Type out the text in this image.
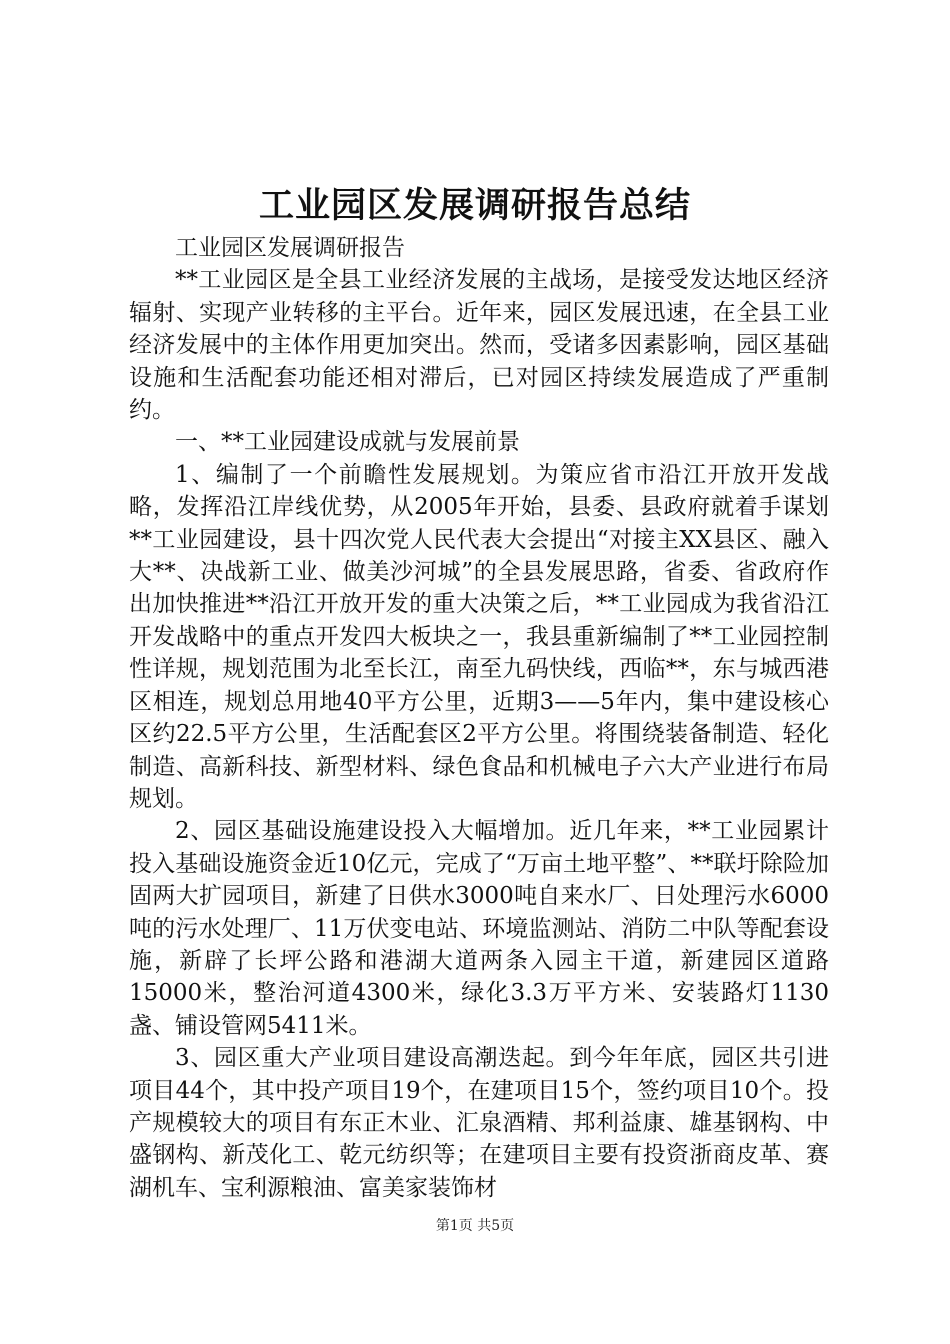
工业园区发展调研报告总结

工业园区发展调研报告

**工业园区是全县工业经济发展的主战场，是接受发达地区经济辐射、实现产业转移的主平台。近年来，园区发展迅速，在全县工业经济发展中的主体作用更加突出。然而，受诸多因素影响，园区基础设施和生活配套功能还相对滞后，已对园区持续发展造成了严重制约。

一、**工业园建设成就与发展前景

1、编制了一个前瞻性发展规划。为策应省市沿江开放开发战略，发挥沿江岸线优势，从2005年开始，县委、县政府就着手谋划**工业园建设，县十四次党人民代表大会提出“对接主XX县区、融入大**、决战新工业、做美沙河城”的全县发展思路，省委、省政府作出加快推进**沿江开放开发的重大决策之后，**工业园成为我省沿江开发战略中的重点开发四大板块之一，我县重新编制了**工业园控制性详规，规划范围为北至长江，南至九码快线，西临**，东与城西港区相连，规划总用地40平方公里，近期3——5年内，集中建设核心区约22.5平方公里，生活配套区2平方公里。将围绕装备制造、轻化制造、高新科技、新型材料、绿色食品和机械电子六大产业进行布局规划。

2、园区基础设施建设投入大幅增加。近几年来，**工业园累计投入基础设施资金近10亿元，完成了“万亩土地平整”、**联圩除险加固两大扩园项目，新建了日供水3000吨自来水厂、日处理污水6000吨的污水处理厂、11万伏变电站、环境监测站、消防二中队等配套设施，新辟了长坪公路和港湖大道两条入园主干道，新建园区道路15000米，整治河道4300米，绿化3.3万平方米、安装路灯1130盏、铺设管网5411米。

3、园区重大产业项目建设高潮迭起。到今年年底，园区共引进项目44个，其中投产项目19个，在建项目15个，签约项目10个。投产规模较大的项目有东正木业、汇泉酒精、邦利益康、雄基钢构、中盛钢构、新茂化工、乾元纺织等；在建项目主要有投资浙商皮革、赛湖机车、宝利源粮油、富美家装饰材

第1页 共5页
